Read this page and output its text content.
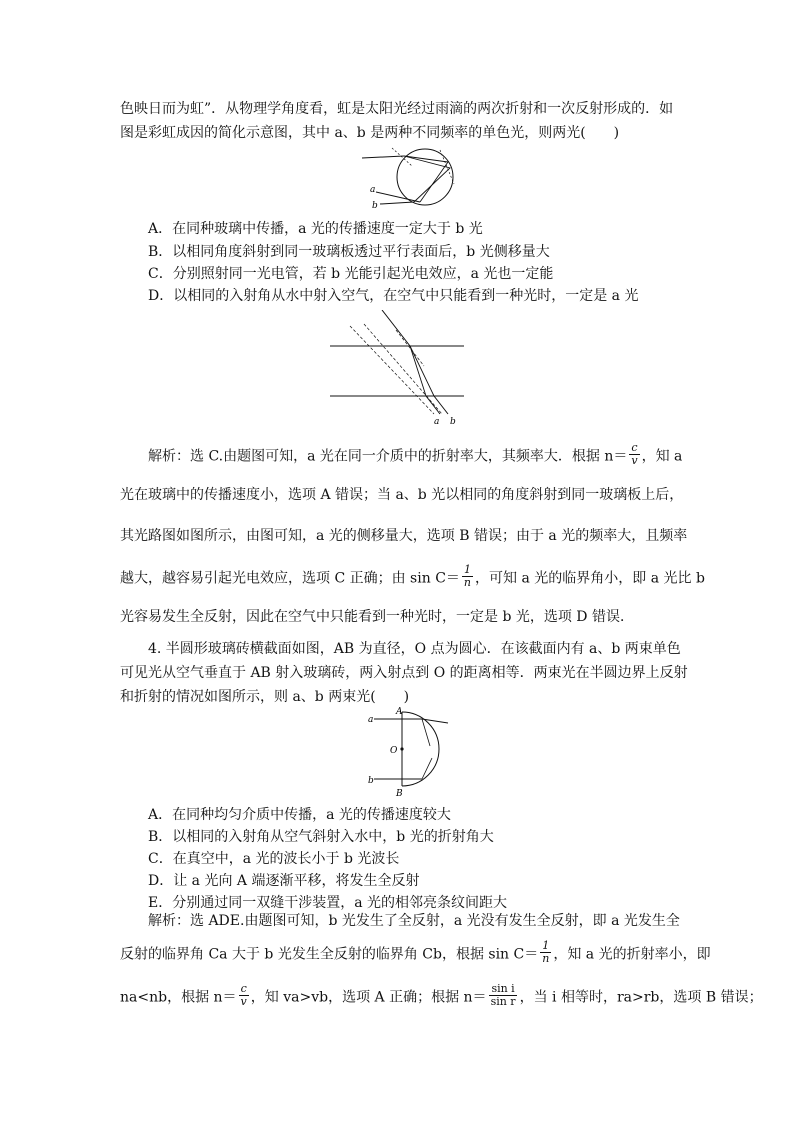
色映日而为虹”．从物理学角度看，虹是太阳光经过雨滴的两次折射和一次反射形成的．如
图是彩虹成因的简化示意图，其中 a、b 是两种不同频率的单色光，则两光(　　)
a
b
A．在同种玻璃中传播，a 光的传播速度一定大于 b 光
B．以相同角度斜射到同一玻璃板透过平行表面后，b 光侧移量大
C．分别照射同一光电管，若 b 光能引起光电效应，a 光也一定能
D．以相同的入射角从水中射入空气，在空气中只能看到一种光时，一定是 a 光
a b
解析：选 C.由题图可知，a 光在同一介质中的折射率大，其频率大．根据 $n= \frac{c}{v}$ ，知 a
光在玻璃中的传播速度小，选项 A 错误；当 a、b 光以相同的角度斜射到同一玻璃板上后，
其光路图如图所示，由图可知，a 光的侧移量大，选项 B 错误；由于 a 光的频率大，且频率
越大，越容易引起光电效应，选项 C 正确；由 $\sin C= \frac{1}{n}$ ，可知 a 光的临界角小，即 a 光比 b
光容易发生全反射，因此在空气中只能看到一种光时，一定是 b 光，选项 D 错误．
4. 半圆形玻璃砖横截面如图，AB 为直径，O 点为圆心．在该截面内有 a、b 两束单色
可见光从空气垂直于 AB 射入玻璃砖，两入射点到 O 的距离相等．两束光在半圆边界上反射
和折射的情况如图所示，则 a、b 两束光(　　)
a
b
A
B
O
A．在同种均匀介质中传播，a 光的传播速度较大
B．以相同的入射角从空气斜射入水中，b 光的折射角大
C．在真空中，a 光的波长小于 b 光波长
D．让 a 光向 A 端逐渐平移，将发生全反射
E．分别通过同一双缝干涉装置，a 光的相邻亮条纹间距大
解析：选 ADE.由题图可知，b 光发生了全反射，a 光没有发生全反射，即 a 光发生全
反射的临界角 Ca 大于 b 光发生全反射的临界角 Cb，根据 $\sin C= \frac{1}{n}$ ，知 a 光的折射率小，即
na<nb，根据 $n= \frac{c}{v}$ ，知 va>vb，选项 A 正确；根据 $n= \frac{\text{sin i}}{\text{sin r}}$ ，当 i 相等时，ra>rb，选项 B 错误；
